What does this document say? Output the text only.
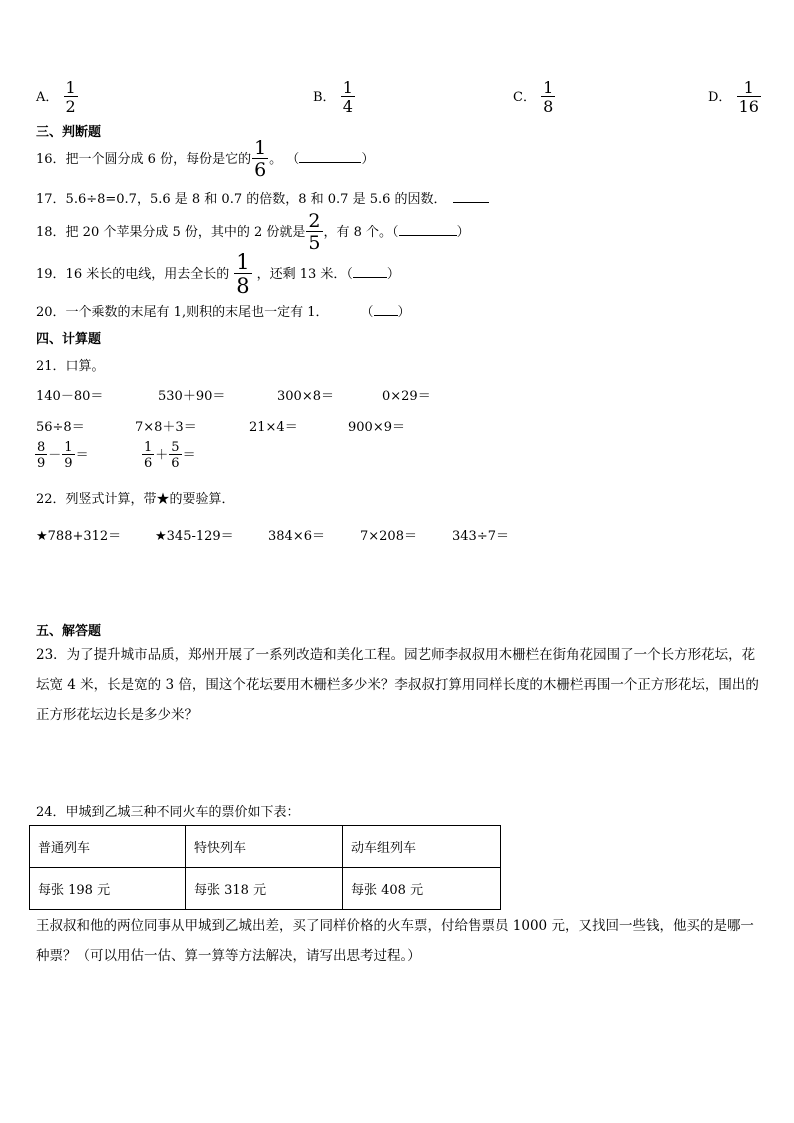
A． $\frac{1}{2}$	B． $\frac{1}{4}$	C． $\frac{1}{8}$	D． $\frac{1}{16}$
三、判断题
16．把一个圆分成 6 份，每份是它的 $\frac{1}{6}$ 。 （	）
17．5.6÷8=0.7，5.6 是 8 和 0.7 的倍数，8 和 0.7 是 5.6 的因数．
18．把 20 个苹果分成 5 份，其中的 2 份就是 $\frac{2}{5}$ ，有 8 个。（	）
19．16 米长的电线，用去全长的 $\frac{1}{8}$ ，还剩 13 米．（	）
20．一个乘数的末尾有 1,则积的末尾也一定有 1． （ ）
四、计算题
21．口算。
140－80＝	530＋90＝	300×8＝	0×29＝
56÷8＝	7×8＋3＝	21×4＝	900×9＝
$\frac{8}{9} - \frac{1}{9}$ ＝	$\frac{1}{6} + \frac{5}{6}$ ＝
22．列竖式计算，带★的要验算．
★788+312＝	★345-129＝	384×6＝	7×208＝	343÷7＝
五、解答题
23．为了提升城市品质，郑州开展了一系列改造和美化工程。园艺师李叔叔用木栅栏在街角花园围了一个长方形花坛，花坛宽 4 米，长是宽的 3 倍，围这个花坛要用木栅栏多少米？李叔叔打算用同样长度的木栅栏再围一个正方形花坛，围出的正方形花坛边长是多少米？
24．甲城到乙城三种不同火车的票价如下表：
普通列车	特快列车	动车组列车
每张 198 元	每张 318 元	每张 408 元
王叔叔和他的两位同事从甲城到乙城出差，买了同样价格的火车票，付给售票员 1000 元，又找回一些钱，他买的是哪一种票？（可以用估一估、算一算等方法解决，请写出思考过程。）
